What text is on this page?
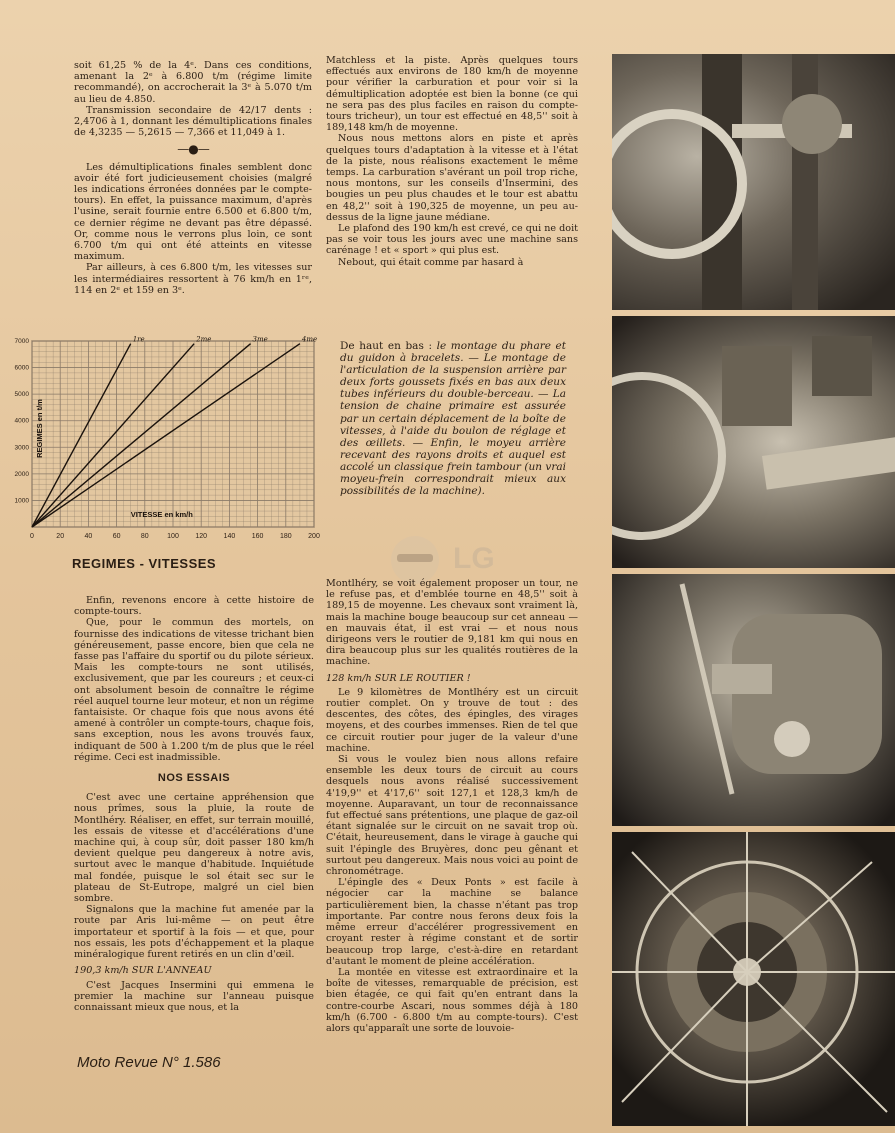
soit 61,25 % de la 4ᵉ. Dans ces conditions, amenant la 2ᵉ à 6.800 t/m (régime limite recommandé), on accrocherait la 3ᵉ à 5.070 t/m au lieu de 4.850.

Transmission secondaire de 42/17 dents : 2,4706 à 1, donnant les démultiplications finales de 4,3235 — 5,2615 — 7,366 et 11,049 à 1.

—●—

Les démultiplications finales semblent donc avoir été fort judicieusement choisies (malgré les indications érronées données par le compte-tours). En effet, la puissance maximum, d'après l'usine, serait fournie entre 6.500 et 6.800 t/m, ce dernier régime ne devant pas être dépassé. Or, comme nous le verrons plus loin, ce sont 6.700 t/m qui ont été atteints en vitesse maximum.

Par ailleurs, à ces 6.800 t/m, les vitesses sur les intermédiaires ressortent à 76 km/h en 1ʳᵉ, 114 en 2ᵉ et 159 en 3ᵉ.

Matchless et la piste. Après quelques tours effectués aux environs de 180 km/h de moyenne pour vérifier la carburation et pour voir si la démultiplication adoptée est bien la bonne (ce qui ne sera pas des plus faciles en raison du compte-tours tricheur), un tour est effectué en 48,5'' soit à 189,148 km/h de moyenne.

Nous nous mettons alors en piste et après quelques tours d'adaptation à la vitesse et à l'état de la piste, nous réalisons exactement le même temps. La carburation s'avérant un poil trop riche, nous montons, sur les conseils d'Insermini, des bougies un peu plus chaudes et le tour est abattu en 48,2'' soit à 190,325 de moyenne, un peu au-dessus de la ligne jaune médiane.

Le plafond des 190 km/h est crevé, ce qui ne doit pas se voir tous les jours avec une machine sans carénage ! et « sport » qui plus est.

Nebout, qui était comme par hasard à

0	20	40	60	80	100 120 140 160 180 200
1000
2000
3000
4000
5000
6000
7000	1re	2me	3me	4me
VITESSE en km/h
REGIMES en t/m
De haut en bas : le montage du phare et du guidon à bracelets. — Le montage de l'articulation de la suspension arrière par deux forts goussets fixés en bas aux deux tubes inférieurs du double-berceau. — La tension de chaine primaire est assurée par un certain déplacement de la boîte de vitesses, à l'aide du boulon de réglage et des œillets. — Enfin, le moyeu arrière recevant des rayons droits et auquel est accolé un classique frein tambour (un vrai moyeu-frein correspondrait mieux aux possibilités de la machine).
REGIMES - VITESSES	LG

Enfin, revenons encore à cette histoire de compte-tours.

Que, pour le commun des mortels, on fournisse des indications de vitesse trichant bien généreusement, passe encore, bien que cela ne fasse pas l'affaire du sportif ou du pilote sérieux. Mais les compte-tours ne sont utilisés, exclusivement, que par les coureurs ; et ceux-ci ont absolument besoin de connaître le régime réel auquel tourne leur moteur, et non un régime fantaisiste. Or chaque fois que nous avons été amené à contrôler un compte-tours, chaque fois, sans exception, nous les avons trouvés faux, indiquant de 500 à 1.200 t/m de plus que le réel régime. Ceci est inadmissible.

NOS ESSAIS

C'est avec une certaine appréhension que nous prîmes, sous la pluie, la route de Montlhéry. Réaliser, en effet, sur terrain mouillé, les essais de vitesse et d'accélérations d'une machine qui, à coup sûr, doit passer 180 km/h devient quelque peu dangereux à notre avis, surtout avec le manque d'habitude. Inquiétude mal fondée, puisque le sol était sec sur le plateau de St-Eutrope, malgré un ciel bien sombre.

Signalons que la machine fut amenée par la route par Aris lui-même — on peut être importateur et sportif à la fois — et que, pour nos essais, les pots d'échappement et la plaque minéralogique furent retirés en un clin d'œil.

190,3 km/h SUR L'ANNEAU

C'est Jacques Insermini qui emmena le premier la machine sur l'anneau puisque connaissant mieux que nous, et la

Montlhéry, se voit également proposer un tour, ne le refuse pas, et d'emblée tourne en 48,5'' soit à 189,15 de moyenne. Les chevaux sont vraiment là, mais la machine bouge beaucoup sur cet anneau — en mauvais état, il est vrai — et nous nous dirigeons vers le routier de 9,181 km qui nous en dira beaucoup plus sur les qualités routières de la machine.

128 km/h SUR LE ROUTIER !

Le 9 kilomètres de Montlhéry est un circuit routier complet. On y trouve de tout : des descentes, des côtes, des épingles, des virages moyens, et des courbes immenses. Rien de tel que ce circuit routier pour juger de la valeur d'une machine.

Si vous le voulez bien nous allons refaire ensemble les deux tours de circuit au cours desquels nous avons réalisé successivement 4'19,9'' et 4'17,6'' soit 127,1 et 128,3 km/h de moyenne. Auparavant, un tour de reconnaissance fut effectué sans prétentions, une plaque de gaz-oil étant signalée sur le circuit on ne savait trop où. C'était, heureusement, dans le virage à gauche qui suit l'épingle des Bruyères, donc peu gênant et surtout peu dangereux. Mais nous voici au point de chronométrage.

L'épingle des « Deux Ponts » est facile à négocier car la machine se balance particulièrement bien, la chasse n'étant pas trop importante. Par contre nous ferons deux fois la même erreur d'accélérer progressivement en croyant rester à régime constant et de sortir beaucoup trop large, c'est-à-dire en retardant d'autant le moment de pleine accélération.

La montée en vitesse est extraordinaire et la boîte de vitesses, remarquable de précision, est bien étagée, ce qui fait qu'en entrant dans la contre-courbe Ascari, nous sommes déjà à 180 km/h (6.700 - 6.800 t/m au compte-tours). C'est alors qu'apparaît une sorte de louvoie-

Moto Revue N° 1.586
